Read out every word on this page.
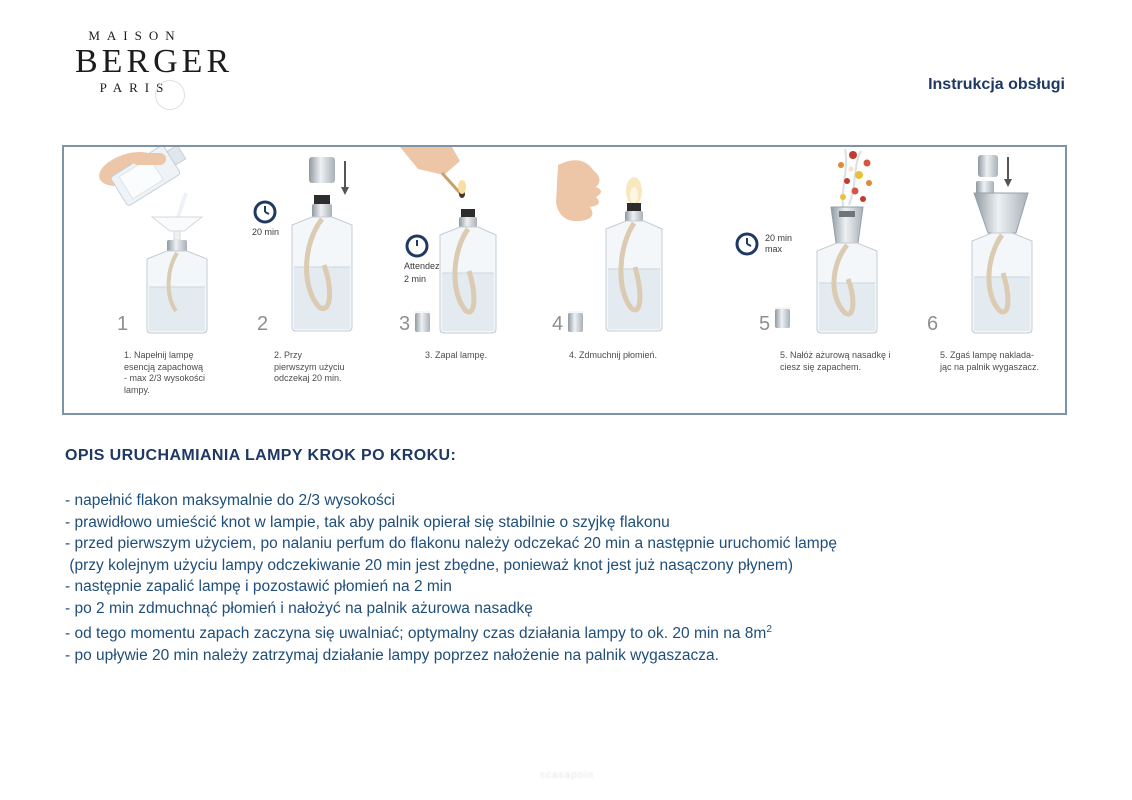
MAISON
BERGER
PARIS	Instrukcja obsługi
1
1. Napełnij lampę esencją zapachową - max 2/3 wysokości lampy.
20 min
2
2. Przy pierwszym użyciu odczekaj 20 min.
Attendez
2 min
3
3. Zapal lampę.
4
4. Zdmuchnij płomień.
20 min
max
5
5. Nałóż ażurową nasadkę i ciesz się zapachem.
6
5. Zgaś lampę naklada- jąc na palnik wygaszacz.
OPIS URUCHAMIANIA LAMPY KROK PO KROKU:
- napełnić flakon maksymalnie do 2/3 wysokości
- prawidłowo umieścić knot w lampie, tak aby palnik opierał się stabilnie o szyjkę flakonu
- przed pierwszym użyciem, po nalaniu perfum do flakonu należy odczekać 20 min a następnie uruchomić lampę
(przy kolejnym użyciu lampy odczekiwanie 20 min jest zbędne, ponieważ knot jest już nasączony płynem)
- następnie zapalić lampę i pozostawić płomień na 2 min
- po 2 min zdmuchnąć płomień i nałożyć na palnik ażurowa nasadkę
- od tego momentu zapach zaczyna się uwalniać; optymalny czas działania lampy to ok. 20 min na $8m^2$
- po upływie 20 min należy zatrzymaj działanie lampy poprzez nałożenie na palnik wygaszacza.
scasapoin
